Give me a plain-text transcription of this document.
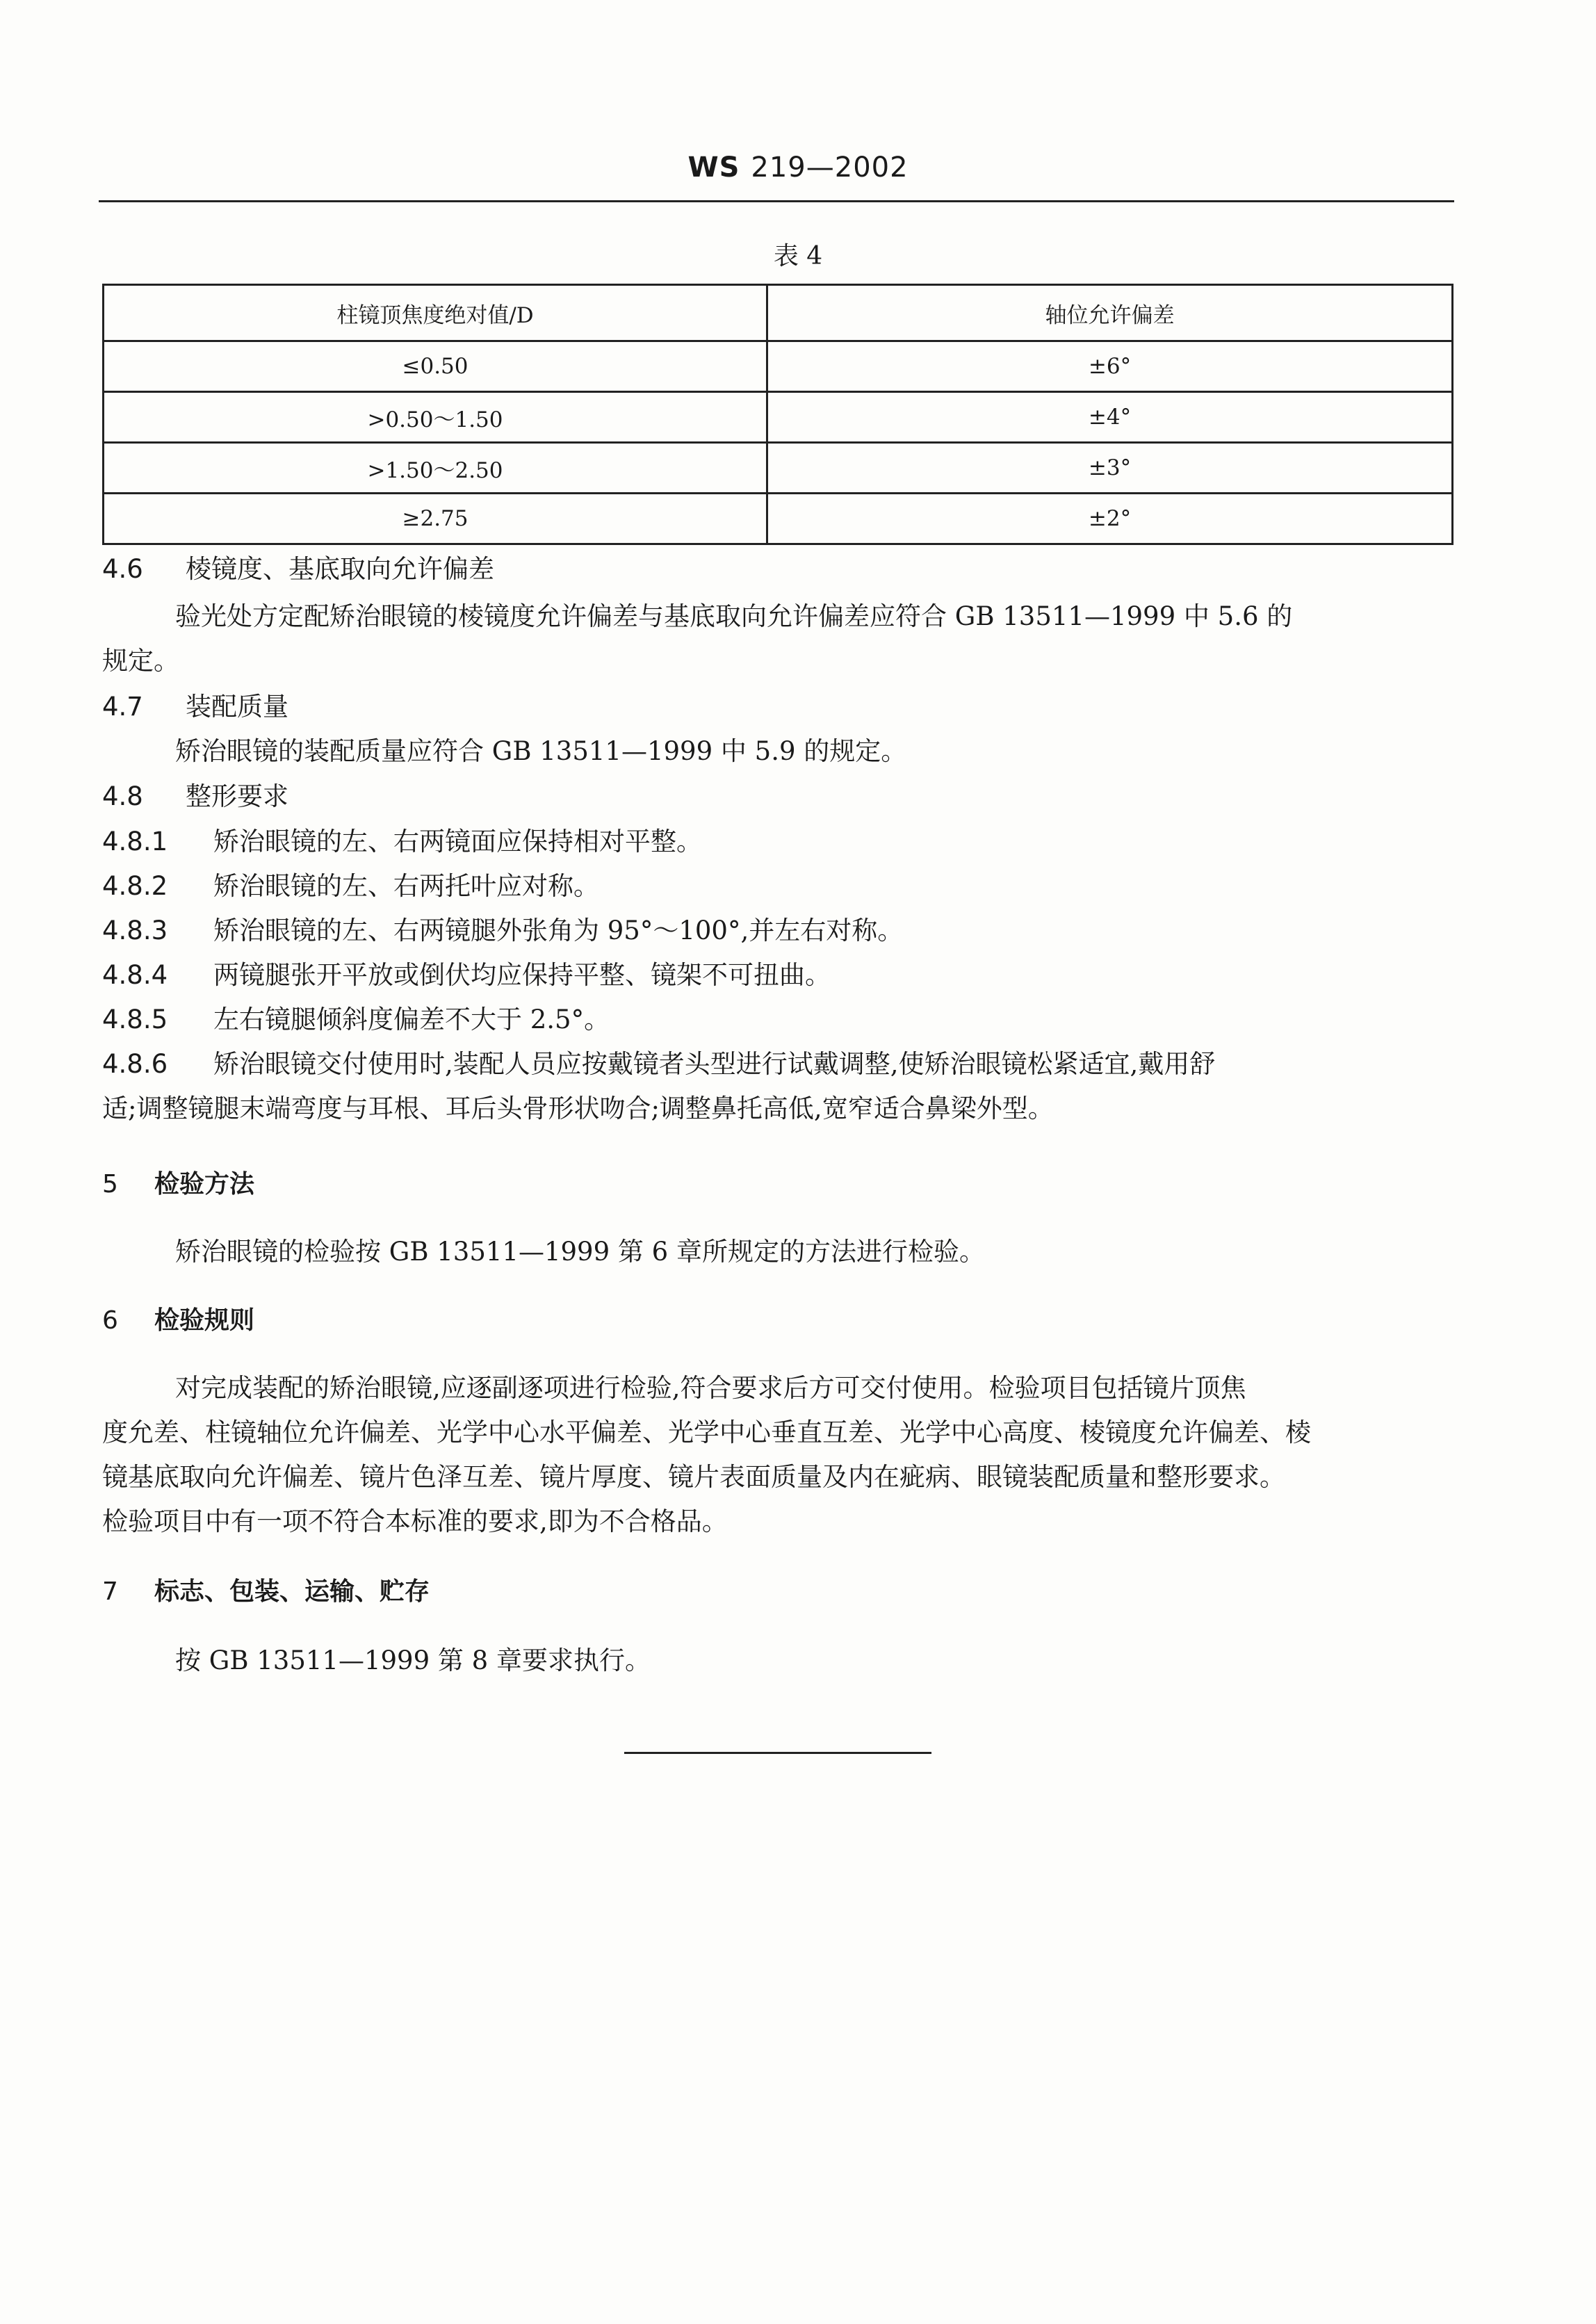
WS 219—2002
表 4
柱镜顶焦度绝对值/D	轴位允许偏差
≤0.50	±6°
>0.50～1.50	±4°
>1.50～2.50	±3°
≥2.75	±2°
4.6 棱镜度、基底取向允许偏差
验光处方定配矫治眼镜的棱镜度允许偏差与基底取向允许偏差应符合 GB 13511—1999 中 5.6 的
规定。
4.7 装配质量
矫治眼镜的装配质量应符合 GB 13511—1999 中 5.9 的规定。
4.8 整形要求
4.8.1 矫治眼镜的左、右两镜面应保持相对平整。
4.8.2 矫治眼镜的左、右两托叶应对称。
4.8.3 矫治眼镜的左、右两镜腿外张角为 95°～100°,并左右对称。
4.8.4 两镜腿张开平放或倒伏均应保持平整、镜架不可扭曲。
4.8.5 左右镜腿倾斜度偏差不大于 2.5°。
4.8.6 矫治眼镜交付使用时,装配人员应按戴镜者头型进行试戴调整,使矫治眼镜松紧适宜,戴用舒
适;调整镜腿末端弯度与耳根、耳后头骨形状吻合;调整鼻托高低,宽窄适合鼻梁外型。
5 检验方法
矫治眼镜的检验按 GB 13511—1999 第 6 章所规定的方法进行检验。
6 检验规则
对完成装配的矫治眼镜,应逐副逐项进行检验,符合要求后方可交付使用。检验项目包括镜片顶焦
度允差、柱镜轴位允许偏差、光学中心水平偏差、光学中心垂直互差、光学中心高度、棱镜度允许偏差、棱
镜基底取向允许偏差、镜片色泽互差、镜片厚度、镜片表面质量及内在疵病、眼镜装配质量和整形要求。
检验项目中有一项不符合本标准的要求,即为不合格品。
7 标志、包装、运输、贮存
按 GB 13511—1999 第 8 章要求执行。
